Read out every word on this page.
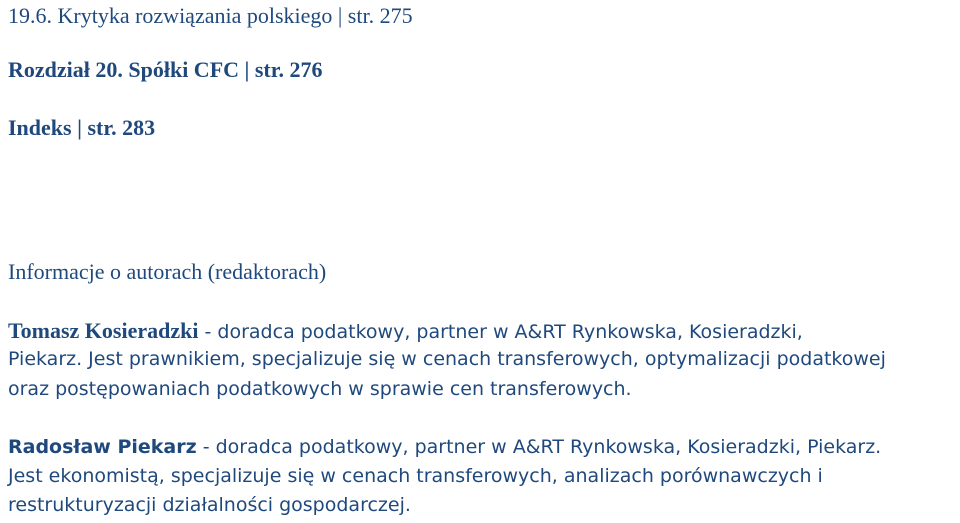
19.6. Krytyka rozwiązania polskiego | str. 275
Rozdział 20. Spółki CFC | str. 276
Indeks | str. 283
Informacje o autorach (redaktorach)
Tomasz Kosieradzki - doradca podatkowy, partner w A&RT Rynkowska, Kosieradzki,
Piekarz. Jest prawnikiem, specjalizuje się w cenach transferowych, optymalizacji podatkowej
oraz postępowaniach podatkowych w sprawie cen transferowych.
Radosław Piekarz - doradca podatkowy, partner w A&RT Rynkowska, Kosieradzki, Piekarz.
Jest ekonomistą, specjalizuje się w cenach transferowych, analizach porównawczych i
restrukturyzacji działalności gospodarczej.
